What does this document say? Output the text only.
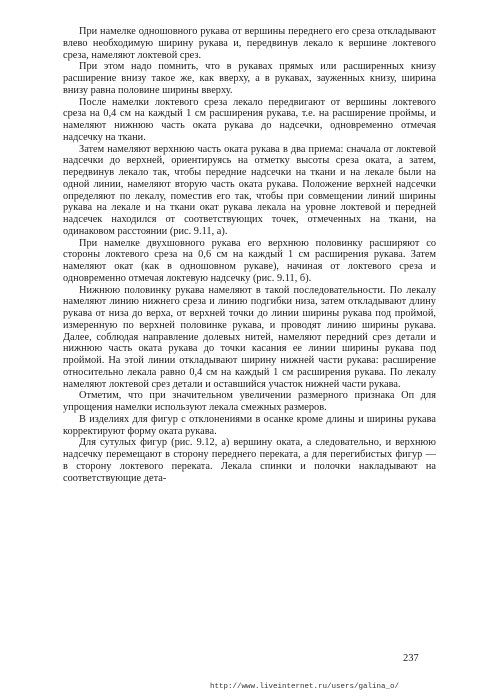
При намелке одношовного рукава от вершины переднего его среза откладывают влево необходимую ширину рукава и, передвинув лекало к вершине локтевого среза, намеляют локтевой срез.

При этом надо помнить, что в рукавах прямых или расширенных книзу расширение внизу такое же, как вверху, а в рукавах, зауженных книзу, ширина внизу равна половине ширины вверху.

После намелки локтевого среза лекало передвигают от вершины локтевого среза на 0,4 см на каждый 1 см расширения рукава, т.е. на расширение проймы, и намеляют нижнюю часть оката рукава до надсечки, одновременно отмечая надсечку на ткани.

Затем намеляют верхнюю часть оката рукава в два приема: сначала от локтевой надсечки до верхней, ориентируясь на отметку высоты среза оката, а затем, передвинув лекало так, чтобы передние надсечки на ткани и на лекале были на одной линии, намеляют вторую часть оката рукава. Положение верхней надсечки определяют по лекалу, поместив его так, чтобы при совмещении линий ширины рукава на лекале и на ткани окат рукава лекала на уровне локтевой и передней надсечек находился от соответствующих точек, отмеченных на ткани, на одинаковом расстоянии (рис. 9.11, а).

При намелке двухшовного рукава его верхнюю половинку расширяют со стороны локтевого среза на 0,6 см на каждый 1 см расширения рукава. Затем намеляют окат (как в одношовном рукаве), начиная от локтевого среза и одновременно отмечая локтевую надсечку (рис. 9.11, б).

Нижнюю половинку рукава намеляют в такой последовательности. По лекалу намеляют линию нижнего среза и линию подгибки низа, затем откладывают длину рукава от низа до верха, от верхней точки до линии ширины рукава под проймой, измеренную по верхней половинке рукава, и проводят линию ширины рукава. Далее, соблюдая направление долевых нитей, намеляют передний срез детали и нижнюю часть оката рукава до точки касания ее линии ширины рукава под проймой. На этой линии откладывают ширину нижней части рукава: расширение относительно лекала равно 0,4 см на каждый 1 см расширения рукава. По лекалу намеляют локтевой срез детали и оставшийся участок нижней части рукава.

Отметим, что при значительном увеличении размерного признака Оп для упрощения намелки используют лекала смежных размеров.

В изделиях для фигур с отклонениями в осанке кроме длины и ширины рукава корректируют форму оката рукава.

Для сутулых фигур (рис. 9.12, а) вершину оката, а следовательно, и верхнюю надсечку перемещают в сторону переднего переката, а для перегибистых фигур — в сторону локтевого переката. Лекала спинки и полочки накладывают на соответствующие дета-

237

http://www.liveinternet.ru/users/galina_o/
